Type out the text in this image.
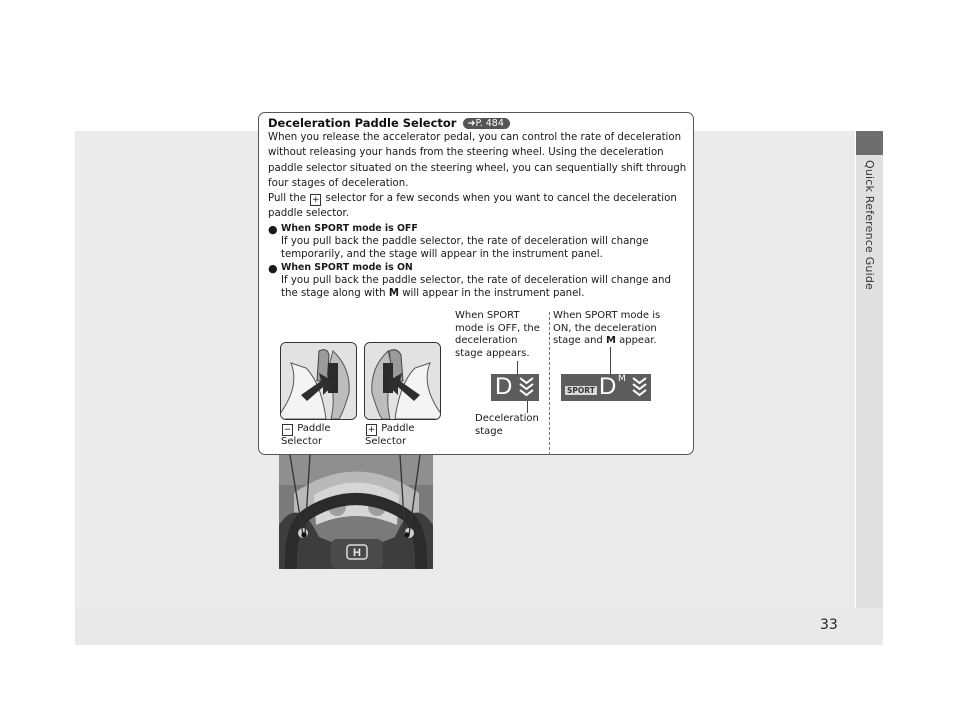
Quick Reference Guide
33
H
Deceleration Paddle Selector ➜P. 484

When you release the accelerator pedal, you can control the rate of deceleration without releasing your hands from the steering wheel. Using the deceleration paddle selector situated on the steering wheel, you can sequentially shift through four stages of deceleration.

Pull the + selector for a few seconds when you want to cancel the deceleration paddle selector.

● When SPORT mode is OFF
If you pull back the paddle selector, the rate of deceleration will change temporarily, and the stage will appear in the instrument panel.
● When SPORT mode is ON
If you pull back the paddle selector, the rate of deceleration will change and the stage along with M will appear in the instrument panel.
− Paddle
Selector
+ Paddle
Selector
When SPORT
mode is OFF, the
deceleration
stage appears.
When SPORT mode is
ON, the deceleration
stage and M appear.
D	SPORT D M
Deceleration
stage
